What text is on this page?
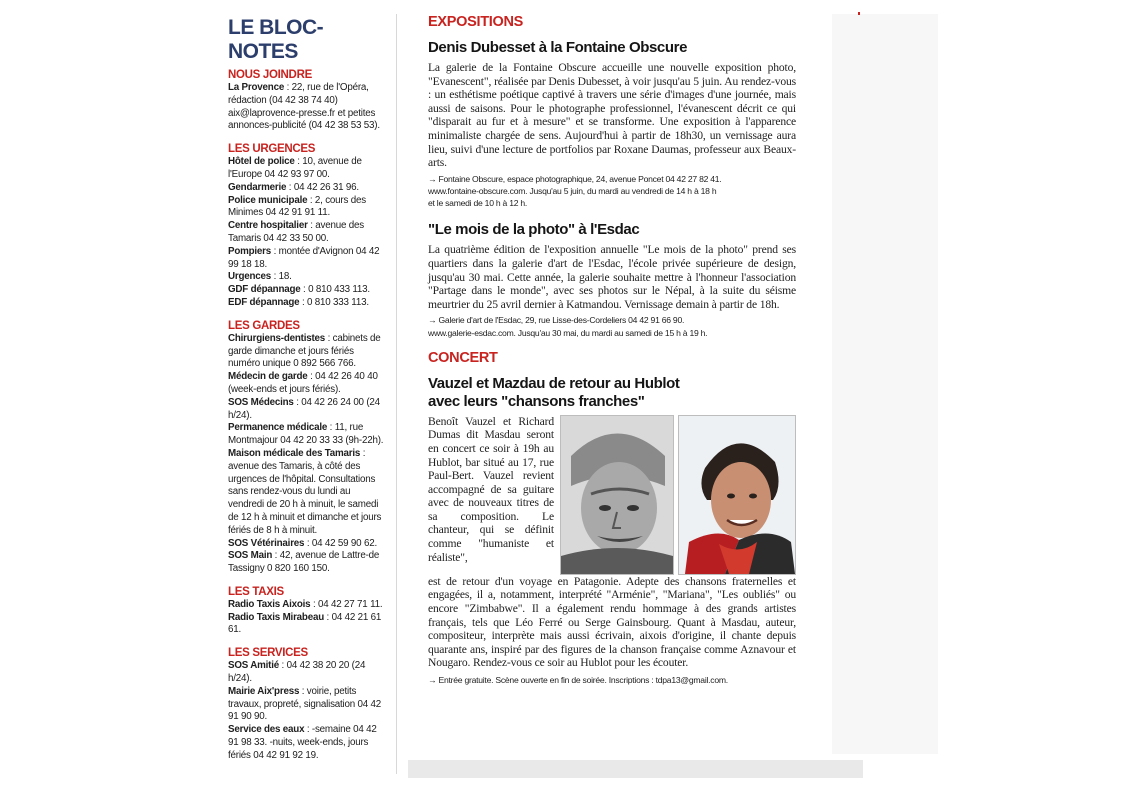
LE BLOC-NOTES
NOUS JOINDRE
La Provence : 22, rue de l'Opéra, rédaction (04 42 38 74 40) aix@laprovence-presse.fr et petites annonces-publicité (04 42 38 53 53).
LES URGENCES
Hôtel de police : 10, avenue de l'Europe 04 42 93 97 00.
Gendarmerie : 04 42 26 31 96.
Police municipale : 2, cours des Minimes 04 42 91 91 11.
Centre hospitalier : avenue des Tamaris 04 42 33 50 00.
Pompiers : montée d'Avignon 04 42 99 18 18.
Urgences : 18.
GDF dépannage : 0 810 433 113.
EDF dépannage : 0 810 333 113.
LES GARDES
Chirurgiens-dentistes : cabinets de garde dimanche et jours fériés numéro unique 0 892 566 766.
Médecin de garde : 04 42 26 40 40 (week-ends et jours fériés).
SOS Médecins : 04 42 26 24 00 (24 h/24).
Permanence médicale : 11, rue Montmajour 04 42 20 33 33 (9h-22h).
Maison médicale des Tamaris : avenue des Tamaris, à côté des urgences de l'hôpital. Consultations sans rendez-vous du lundi au vendredi de 20 h à minuit, le samedi de 12 h à minuit et dimanche et jours fériés de 8 h à minuit.
SOS Vétérinaires : 04 42 59 90 62.
SOS Main : 42, avenue de Lattre-de Tassigny 0 820 160 150.
LES TAXIS
Radio Taxis Aixois : 04 42 27 71 11.
Radio Taxis Mirabeau : 04 42 21 61 61.
LES SERVICES
SOS Amitié : 04 42 38 20 20 (24 h/24).
Mairie Aix'press : voirie, petits travaux, propreté, signalisation 04 42 91 90 90.
Service des eaux : -semaine 04 42 91 98 33. -nuits, week-ends, jours fériés 04 42 91 92 19.
EXPOSITIONS
Denis Dubesset à la Fontaine Obscure

La galerie de la Fontaine Obscure accueille une nouvelle exposition photo, "Evanescent", réalisée par Denis Dubesset, à voir jusqu'au 5 juin. Au rendez-vous : un esthétisme poétique captivé à travers une série d'images d'une journée, mais aussi de saisons. Pour le photographe professionnel, l'évanescent décrit ce qui "disparait au fur et à mesure" et se transforme. Une exposition à l'apparence minimaliste chargée de sens. Aujourd'hui à partir de 18h30, un vernissage aura lieu, suivi d'une lecture de portfolios par Roxane Daumas, professeur aux Beaux-arts.

→ Fontaine Obscure, espace photographique, 24, avenue Poncet 04 42 27 82 41.
www.fontaine-obscure.com. Jusqu'au 5 juin, du mardi au vendredi de 14 h à 18 h
et le samedi de 10 h à 12 h.
"Le mois de la photo" à l'Esdac

La quatrième édition de l'exposition annuelle "Le mois de la photo" prend ses quartiers dans la galerie d'art de l'Esdac, l'école privée supérieure de design, jusqu'au 30 mai. Cette année, la galerie souhaite mettre à l'honneur l'association "Partage dans le monde", avec ses photos sur le Népal, à la suite du séisme meurtrier du 25 avril dernier à Katmandou. Vernissage demain à partir de 18h.

→ Galerie d'art de l'Esdac, 29, rue Lisse-des-Cordeliers 04 42 91 66 90.
www.galerie-esdac.com. Jusqu'au 30 mai, du mardi au samedi de 15 h à 19 h.
CONCERT
Vauzel et Mazdau de retour au Hublot
avec leurs "chansons franches"

Benoît Vauzel et Richard Dumas dit Masdau seront en concert ce soir à 19h au Hublot, bar situé au 17, rue Paul-Bert. Vauzel revient accompagné de sa guitare avec de nouveaux titres de sa composition. Le chanteur, qui se définit comme "humaniste et réaliste",

est de retour d'un voyage en Patagonie. Adepte des chansons fraternelles et engagées, il a, notamment, interprété "Arménie", "Mariana", "Les oubliés" ou encore "Zimbabwe". Il a également rendu hommage à des grands artistes français, tels que Léo Ferré ou Serge Gainsbourg. Quant à Masdau, auteur, compositeur, interprète mais aussi écrivain, aixois d'origine, il chante depuis quarante ans, inspiré par des figures de la chanson française comme Aznavour et Nougaro. Rendez-vous ce soir au Hublot pour les écouter.

→ Entrée gratuite. Scène ouverte en fin de soirée. Inscriptions : tdpa13@gmail.com.
